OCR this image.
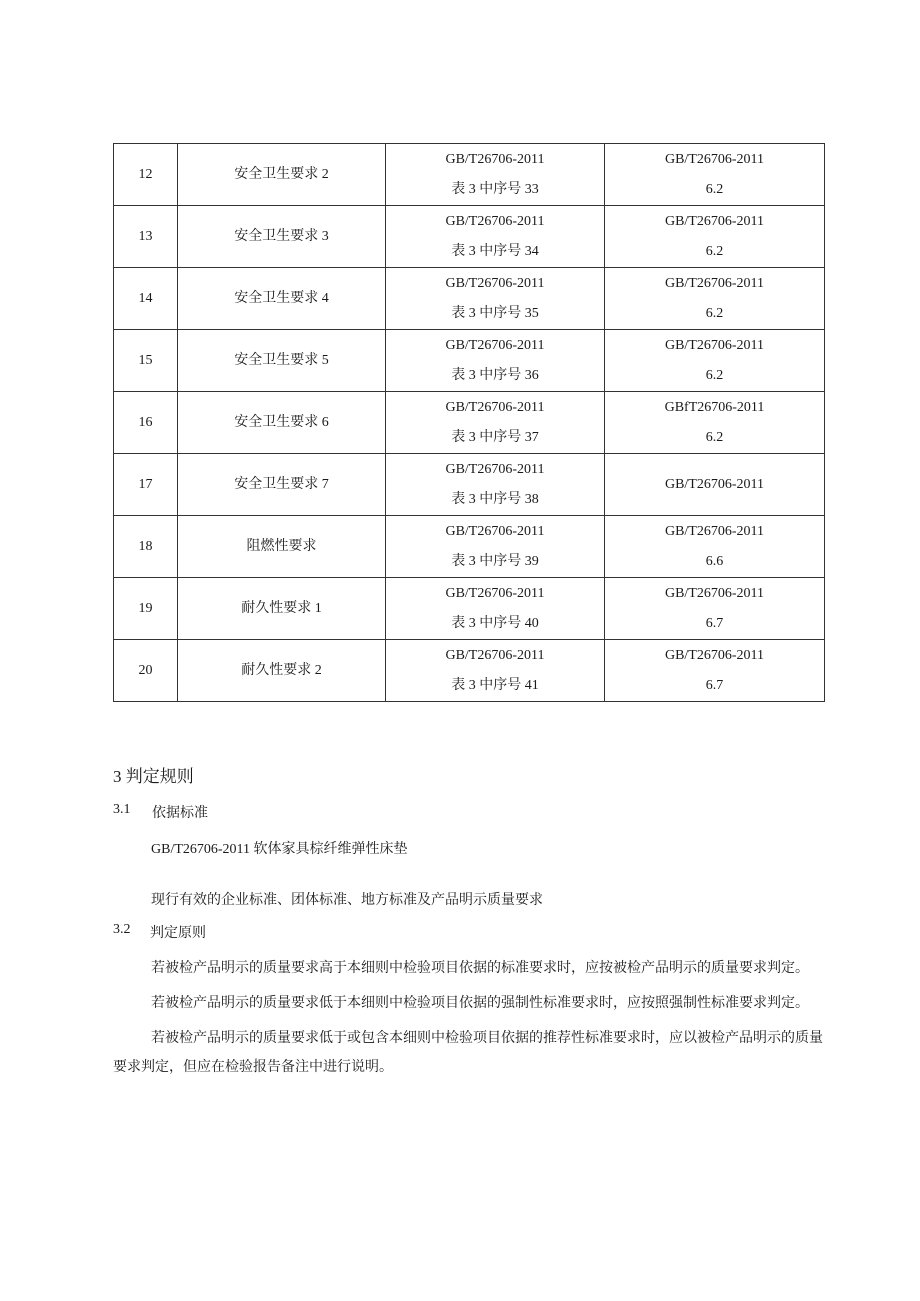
12	安全卫生要求 2	GB/T26706-2011
表 3 中序号 33	GB/T26706-2011
6.2

13	安全卫生要求 3	GB/T26706-2011
表 3 中序号 34	GB/T26706-2011
6.2

14	安全卫生要求 4	GB/T26706-2011
表 3 中序号 35	GB/T26706-2011
6.2

15	安全卫生要求 5	GB/T26706-2011
表 3 中序号 36	GB/T26706-2011
6.2

16	安全卫生要求 6	GB/T26706-2011
表 3 中序号 37	GBfT26706-2011
6.2

17	安全卫生要求 7	GB/T26706-2011
表 3 中序号 38	GB/T26706-2011

18	阻燃性要求	GB/T26706-2011
表 3 中序号 39	GB/T26706-2011
6.6

19	耐久性要求 1	GB/T26706-2011
表 3 中序号 40	GB/T26706-2011
6.7

20	耐久性要求 2	GB/T26706-2011
表 3 中序号 41	GB/T26706-2011
6.7
3 判定规则
3.1 依据标准
GB/T26706-2011 软体家具棕纤维弹性床垫
现行有效的企业标准、团体标准、地方标准及产品明示质量要求
3.2 判定原则

若被检产品明示的质量要求高于本细则中检验项目依据的标准要求时，应按被检产品明示的质量要求判定。

若被检产品明示的质量要求低于本细则中检验项目依据的强制性标准要求时，应按照强制性标准要求判定。

若被检产品明示的质量要求低于或包含本细则中检验项目依据的推荐性标准要求时，应以被检产品明示的质量要求判定，但应在检验报告备注中进行说明。
